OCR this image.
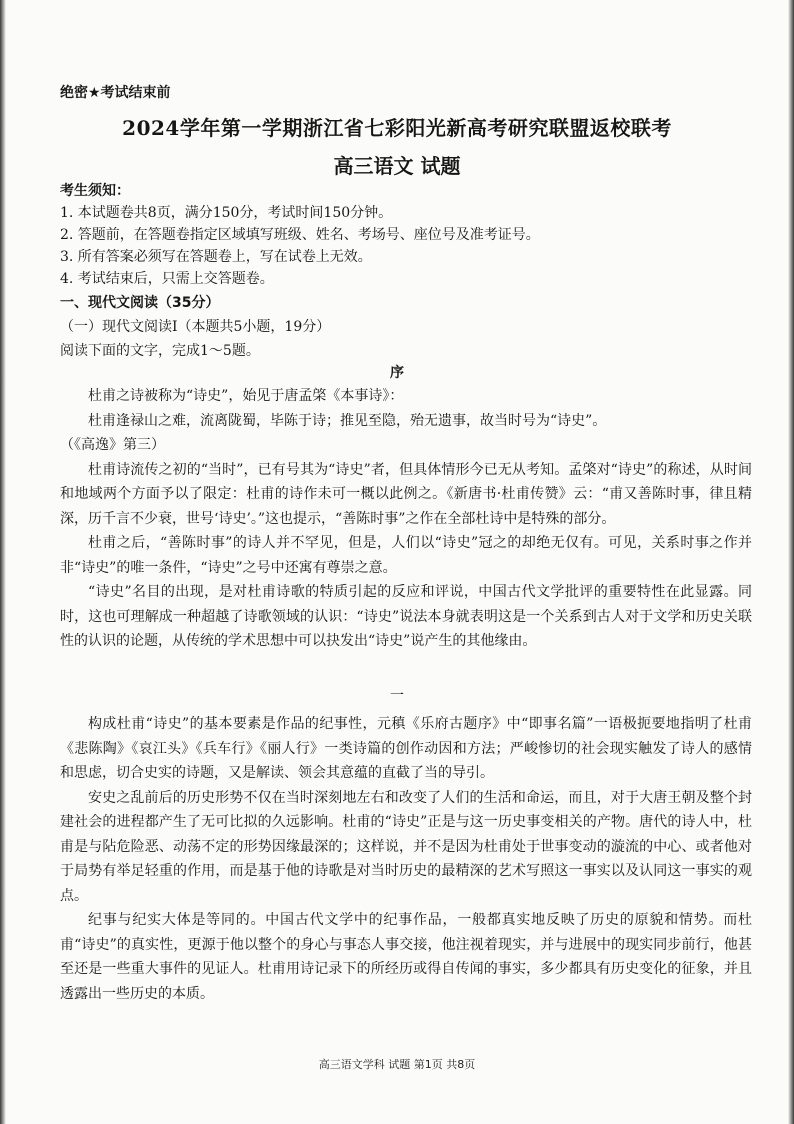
绝密★考试结束前
2024学年第一学期浙江省七彩阳光新高考研究联盟返校联考
高三语文 试题
考生须知：
1. 本试题卷共8页，满分150分，考试时间150分钟。
2. 答题前，在答题卷指定区域填写班级、姓名、考场号、座位号及准考证号。
3. 所有答案必须写在答题卷上，写在试卷上无效。
4. 考试结束后，只需上交答题卷。
一、现代文阅读（35分）
（一）现代文阅读Ⅰ（本题共5小题，19分）
阅读下面的文字，完成1～5题。
序

杜甫之诗被称为“诗史”，始见于唐孟棨《本事诗》：

杜甫逢禄山之难，流离陇蜀，毕陈于诗；推见至隐，殆无遗事，故当时号为“诗史”。

（《高逸》第三）

杜甫诗流传之初的“当时”，已有号其为“诗史”者，但具体情形今已无从考知。孟棨对“诗史”的称述，从时间和地域两个方面予以了限定：杜甫的诗作未可一概以此例之。《新唐书·杜甫传赞》云：“甫又善陈时事，律且精深，历千言不少衰，世号‘诗史’。”这也提示，“善陈时事”之作在全部杜诗中是特殊的部分。

杜甫之后，“善陈时事”的诗人并不罕见，但是，人们以“诗史”冠之的却绝无仅有。可见，关系时事之作并非“诗史”的唯一条件，“诗史”之号中还寓有尊崇之意。

“诗史”名目的出现，是对杜甫诗歌的特质引起的反应和评说，中国古代文学批评的重要特性在此显露。同时，这也可理解成一种超越了诗歌领域的认识：“诗史”说法本身就表明这是一个关系到古人对于文学和历史关联性的认识的论题，从传统的学术思想中可以抉发出“诗史”说产生的其他缘由。

一

构成杜甫“诗史”的基本要素是作品的纪事性，元稹《乐府古题序》中“即事名篇”一语极扼要地指明了杜甫《悲陈陶》《哀江头》《兵车行》《丽人行》一类诗篇的创作动因和方法；严峻惨切的社会现实触发了诗人的感情和思虑，切合史实的诗题，又是解读、领会其意蕴的直截了当的导引。

安史之乱前后的历史形势不仅在当时深刻地左右和改变了人们的生活和命运，而且，对于大唐王朝及整个封建社会的进程都产生了无可比拟的久远影响。杜甫的“诗史”正是与这一历史事变相关的产物。唐代的诗人中，杜甫是与阽危险恶、动荡不定的形势因缘最深的；这样说，并不是因为杜甫处于世事变动的漩流的中心、或者他对于局势有举足轻重的作用，而是基于他的诗歌是对当时历史的最精深的艺术写照这一事实以及认同这一事实的观点。

纪事与纪实大体是等同的。中国古代文学中的纪事作品，一般都真实地反映了历史的原貌和情势。而杜甫“诗史”的真实性，更源于他以整个的身心与事态人事交接，他注视着现实，并与进展中的现实同步前行，他甚至还是一些重大事件的见证人。杜甫用诗记录下的所经历或得自传闻的事实，多少都具有历史变化的征象，并且透露出一些历史的本质。

高三语文学科 试题 第1页 共8页
